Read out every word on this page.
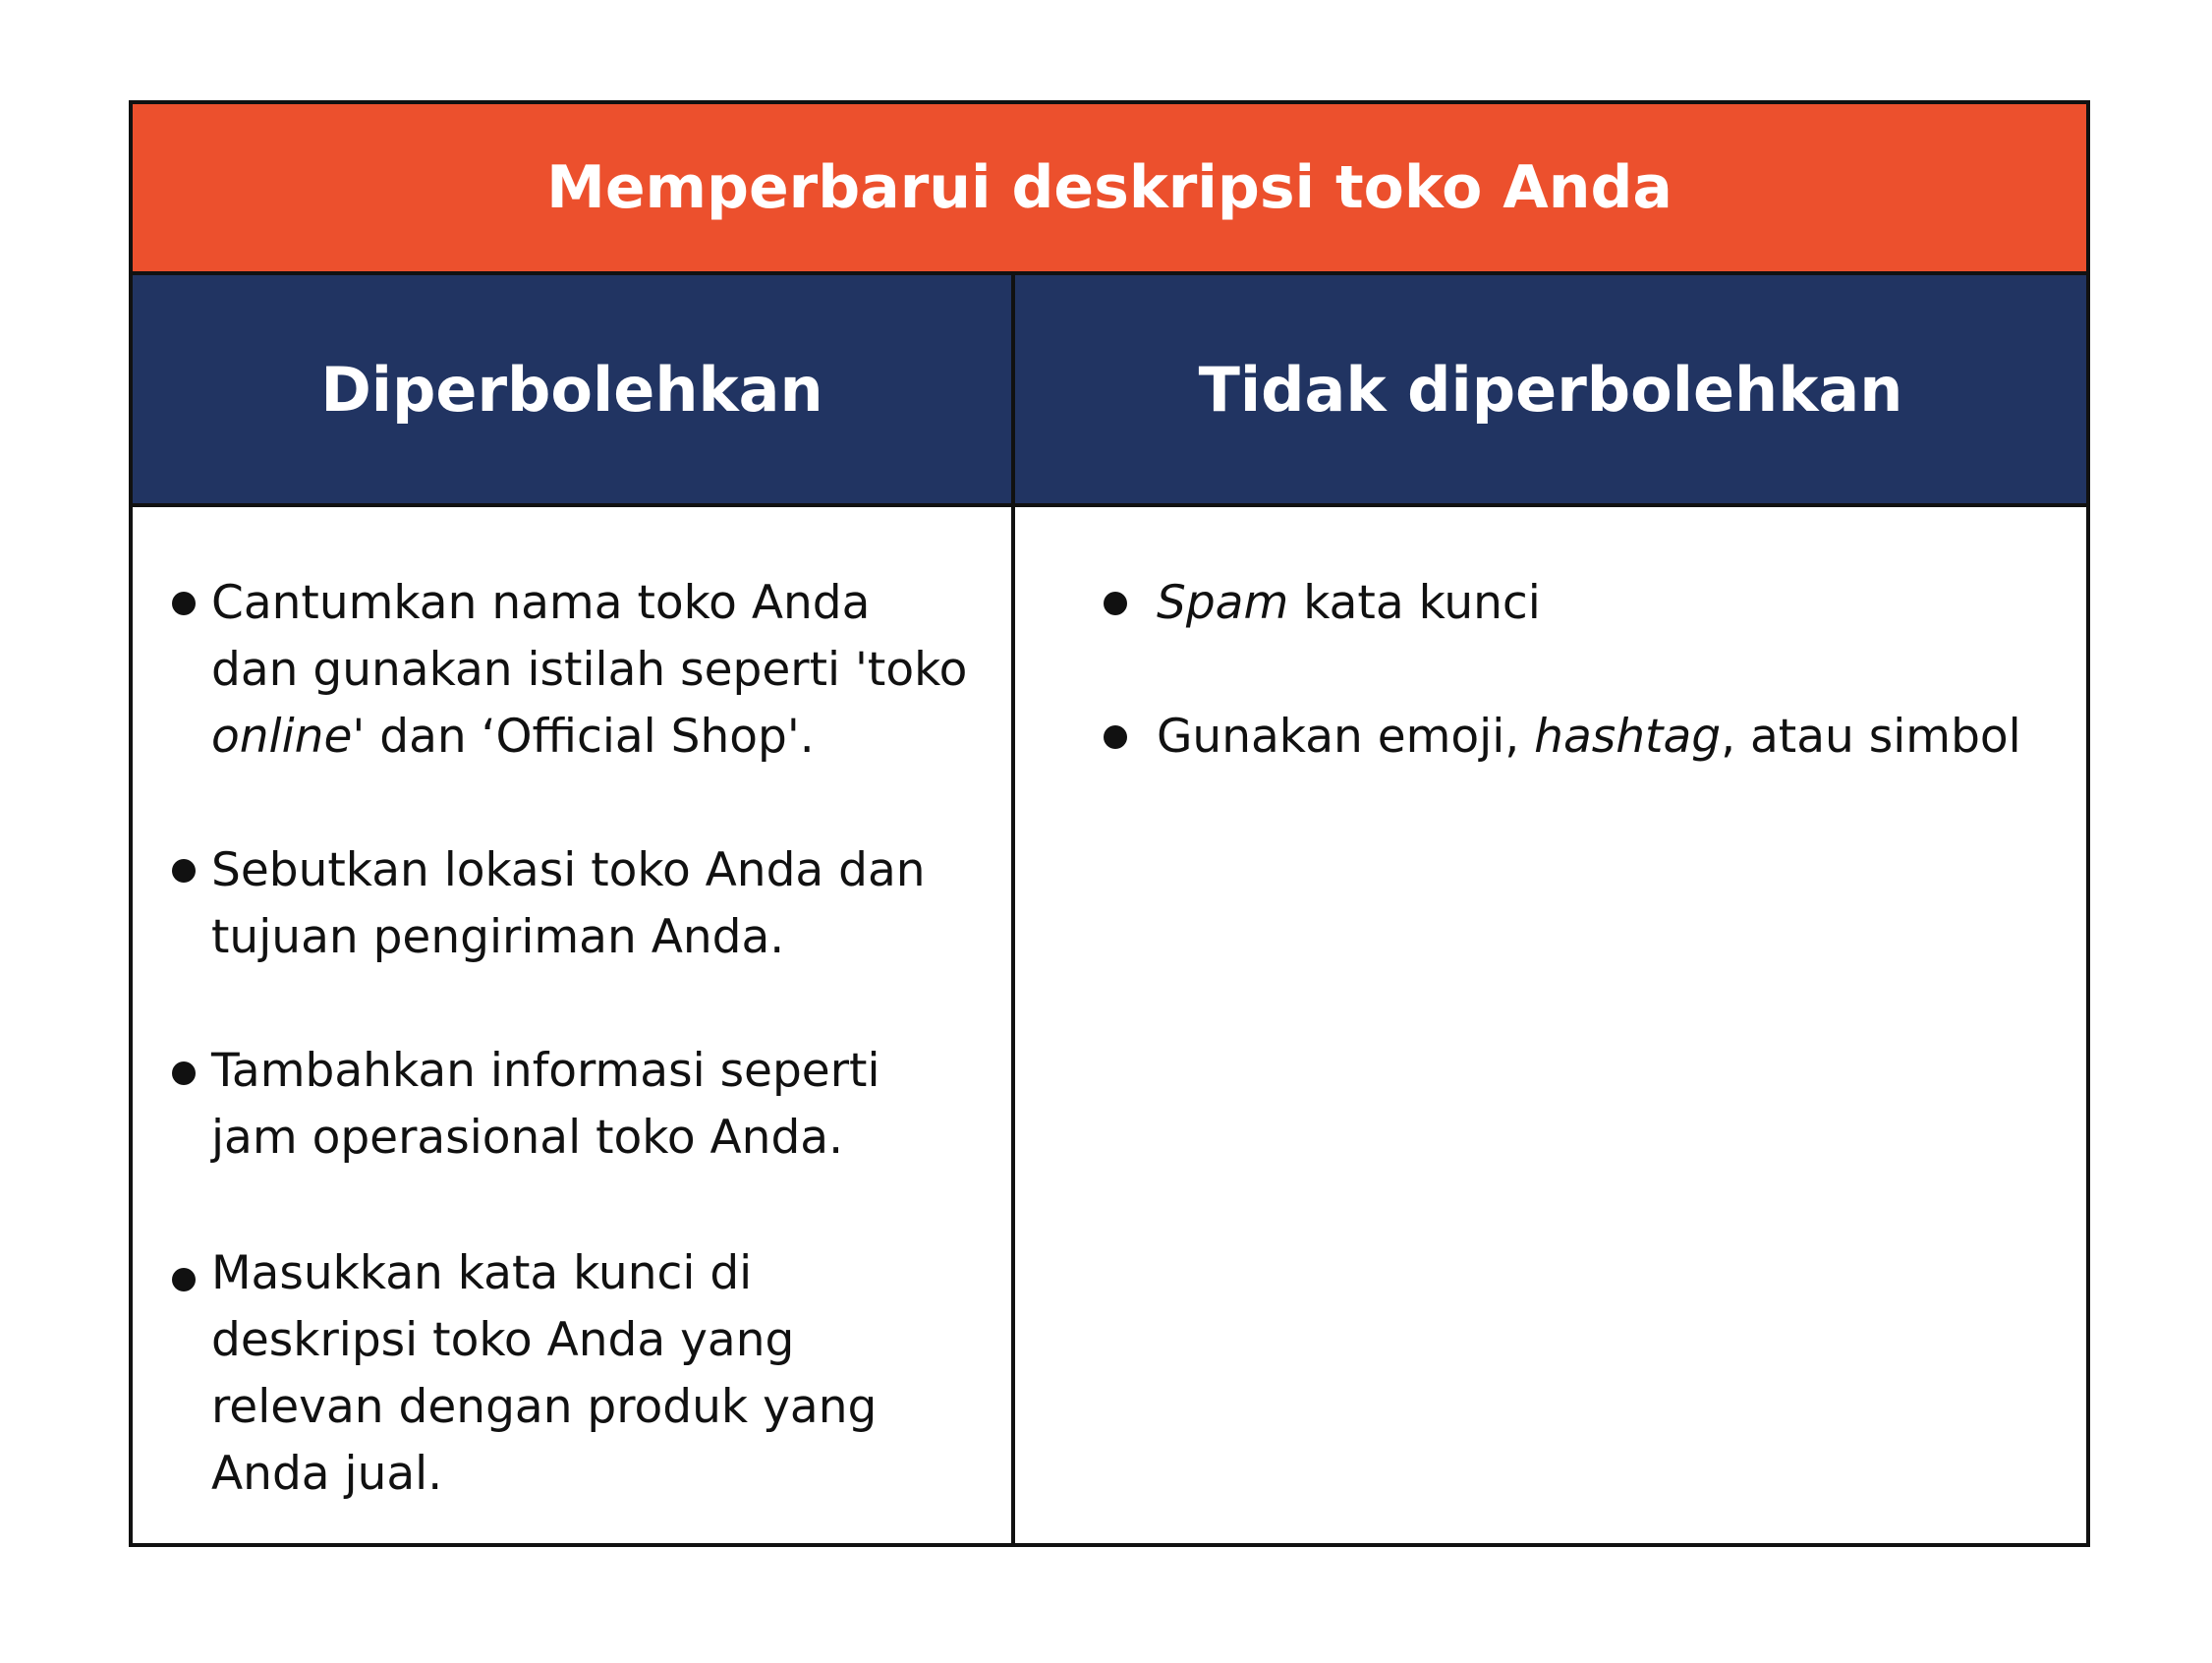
Memperbarui deskripsi toko Anda
Diperbolehkan	Tidak diperbolehkan
Cantumkan nama toko Anda
dan gunakan istilah seperti 'toko
online' dan ‘Official Shop'.
Sebutkan lokasi toko Anda dan
tujuan pengiriman Anda.
Tambahkan informasi seperti
jam operasional toko Anda.
Masukkan kata kunci di
deskripsi toko Anda yang
relevan dengan produk yang
Anda jual.
Spam kata kunci
Gunakan emoji, hashtag, atau simbol
